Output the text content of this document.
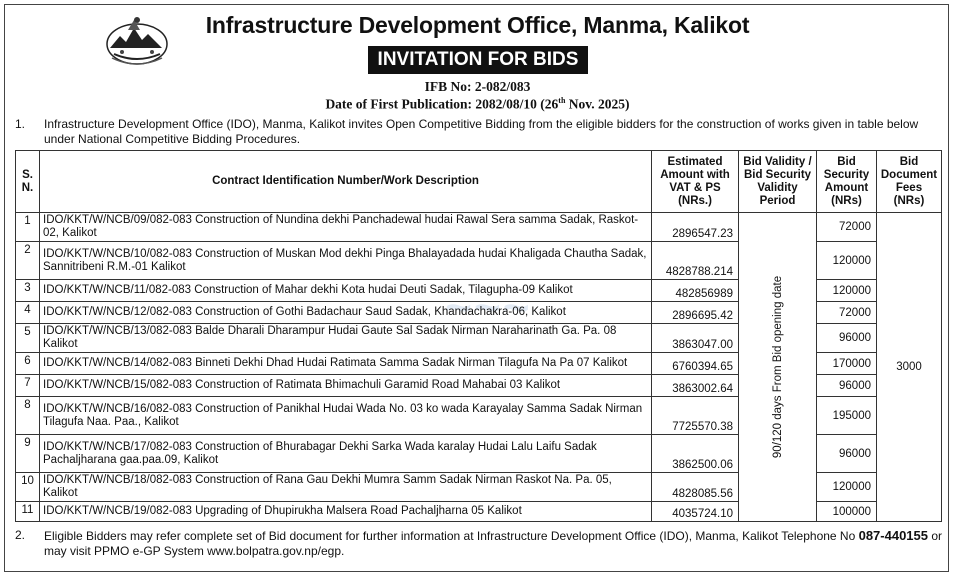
Infrastructure Development Office, Manma, Kalikot
INVITATION FOR BIDS
IFB No: 2-082/083
Date of First Publication: 2082/08/10 (26th Nov. 2025)
1. Infrastructure Development Office (IDO), Manma, Kalikot invites Open Competitive Bidding from the eligible bidders for the construction of works given in table below under National Competitive Bidding Procedures.
~~~
S. N.	Contract Identification Number/Work Description	Estimated Amount with VAT & PS (NRs.)	Bid Validity / Bid Security Validity Period	Bid Security Amount (NRs)	Bid Document Fees (NRs)
1	IDO/KKT/W/NCB/09/082-083 Construction of Nundina dekhi Panchadewal hudai Rawal Sera samma Sadak, Raskot-02, Kalikot	2896547.23	90/120 days From Bid opening date	72000	3000
2	IDO/KKT/W/NCB/10/082-083 Construction of Muskan Mod dekhi Pinga Bhalayadada hudai Khaligada Chautha Sadak, Sannitribeni R.M.-01 Kalikot	4828788.214		120000	
3	IDO/KKT/W/NCB/11/082-083 Construction of Mahar dekhi Kota hudai Deuti Sadak, Tilagupha-09 Kalikot	482856989		120000	
4	IDO/KKT/W/NCB/12/082-083 Construction of Gothi Badachaur Saud Sadak, Khandachakra-06, Kalikot	2896695.42		72000	
5	IDO/KKT/W/NCB/13/082-083 Balde Dharali Dharampur Hudai Gaute Sal Sadak Nirman Naraharinath Ga. Pa. 08 Kalikot	3863047.00		96000	
6	IDO/KKT/W/NCB/14/082-083 Binneti Dekhi Dhad Hudai Ratimata Samma Sadak Nirman Tilagufa Na Pa 07 Kalikot	6760394.65		170000	
7	IDO/KKT/W/NCB/15/082-083 Construction of Ratimata Bhimachuli Garamid Road Mahabai 03 Kalikot	3863002.64		96000	
8	IDO/KKT/W/NCB/16/082-083 Construction of Panikhal Hudai Wada No. 03 ko wada Karayalay Samma Sadak Nirman Tilagufa Naa. Paa., Kalikot	7725570.38		195000	
9	IDO/KKT/W/NCB/17/082-083 Construction of Bhurabagar Dekhi Sarka Wada karalay Hudai Lalu Laifu Sadak Pachaljharana gaa.paa.09, Kalikot	3862500.06		96000	
10	IDO/KKT/W/NCB/18/082-083 Construction of Rana Gau Dekhi Mumra Samm Sadak Nirman Raskot Na. Pa. 05, Kalikot	4828085.56		120000	
11	IDO/KKT/W/NCB/19/082-083 Upgrading of Dhupirukha Malsera Road Pachaljharna 05 Kalikot	4035724.10		100000	
2. Eligible Bidders may refer complete set of Bid document for further information at Infrastructure Development Office (IDO), Manma, Kalikot Telephone No 087-440155 or may visit PPMO e-GP System www.bolpatra.gov.np/egp.
